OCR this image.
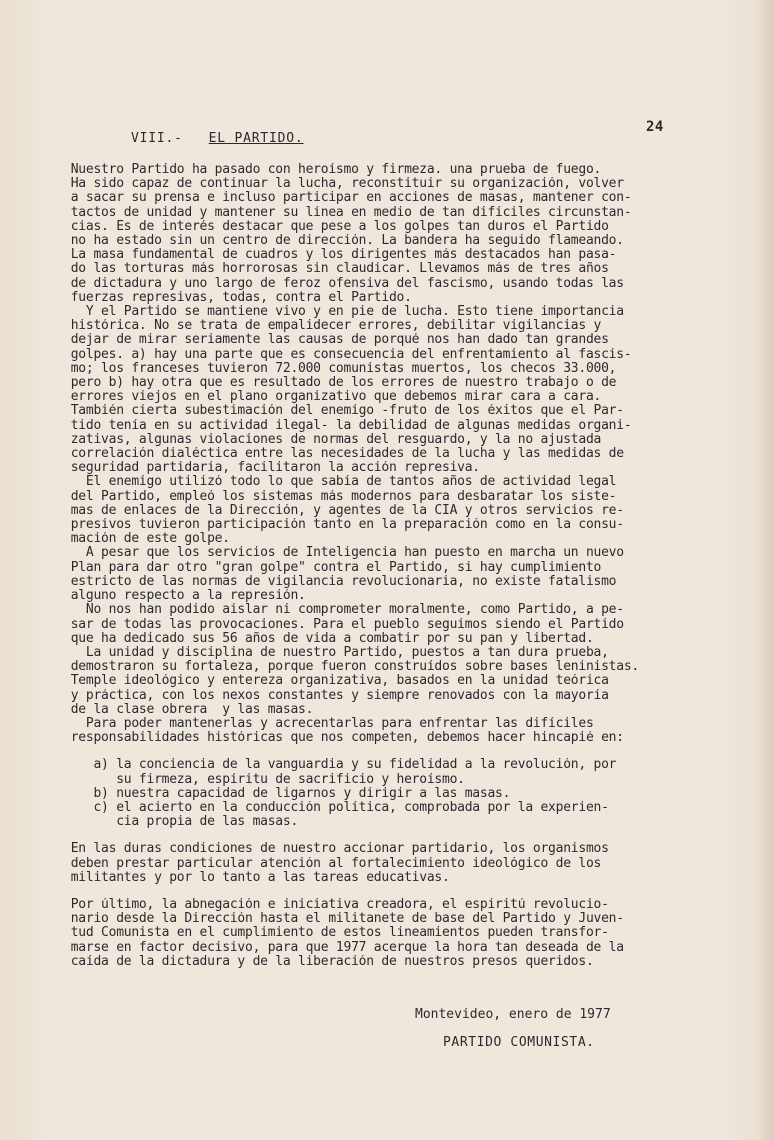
24
VIII.- EL PARTIDO.

Nuestro Partido ha pasado con heroísmo y firmeza. una prueba de fuego.

Ha sido capaz de continuar la lucha, reconstituir su organización, volver

a sacar su prensa e incluso participar en acciones de masas, mantener con-

tactos de unidad y mantener su línea en medio de tan difíciles circunstan-

cias. Es de interés destacar que pese a los golpes tan duros el Partido

no ha estado sin un centro de dirección. La bandera ha seguido flameando.

La masa fundamental de cuadros y los dirigentes más destacados han pasa-

do las torturas más horrorosas sin claudicar. Llevamos más de tres años

de dictadura y uno largo de feroz ofensiva del fascismo, usando todas las

fuerzas represivas, todas, contra el Partido.

Y el Partido se mantiene vivo y en pie de lucha. Esto tiene importancia

histórica. No se trata de empalidecer errores, debilitar vigilancias y

dejar de mirar seriamente las causas de porqué nos han dado tan grandes

golpes. a) hay una parte que es consecuencia del enfrentamiento al fascis-

mo; los franceses tuvieron 72.000 comunistas muertos, los checos 33.000,

pero b) hay otra que es resultado de los errores de nuestro trabajo o de

errores viejos en el plano organizativo que debemos mirar cara a cara.

También cierta subestimación del enemigo -fruto de los éxitos que el Par-

tido tenía en su actividad ilegal- la debilidad de algunas medidas organi-

zativas, algunas violaciones de normas del resguardo, y la no ajustada

correlación dialéctica entre las necesidades de la lucha y las medidas de

seguridad partidaria, facilitaron la acción represiva.

El enemigo utilizó todo lo que sabía de tantos años de actividad legal

del Partido, empleó los sistemas más modernos para desbaratar los siste-

mas de enlaces de la Dirección, y agentes de la CIA y otros servicios re-

presivos tuvieron participación tanto en la preparación como en la consu-

mación de este golpe.

A pesar que los servicios de Inteligencia han puesto en marcha un nuevo

Plan para dar otro "gran golpe" contra el Partido, si hay cumplimiento

estricto de las normas de vigilancia revolucionaria, no existe fatalismo

alguno respecto a la represión.

No nos han podido aislar ni comprometer moralmente, como Partido, a pe-

sar de todas las provocaciones. Para el pueblo seguimos siendo el Partido

que ha dedicado sus 56 años de vida a combatir por su pan y libertad.

La unidad y disciplina de nuestro Partido, puestos a tan dura prueba,

demostraron su fortaleza, porque fueron construídos sobre bases leninistas.

Temple ideológico y entereza organizativa, basados en la unidad teórica

y práctica, con los nexos constantes y siempre renovados con la mayoría

de la clase obrera  y las masas.

Para poder mantenerlas y acrecentarlas para enfrentar las difíciles

responsabilidades históricas que nos competen, debemos hacer hincapié en:

a) la conciencia de la vanguardia y su fidelidad a la revolución, por

su firmeza, espíritu de sacrificio y heroísmo.

b) nuestra capacidad de ligarnos y dirigir a las masas.

c) el acierto en la conducción política, comprobada por la experien-

cia propia de las masas.

En las duras condiciones de nuestro accionar partidario, los organismos

deben prestar particular atención al fortalecimiento ideológico de los

militantes y por lo tanto a las tareas educativas.

Por último, la abnegación e iniciativa creadora, el espiritú revolucio-

nario desde la Dirección hasta el militanete de base del Partido y Juven-

tud Comunista en el cumplimiento de estos lineamientos pueden transfor-

marse en factor decisivo, para que 1977 acerque la hora tan deseada de la

caída de la dictadura y de la liberación de nuestros presos queridos.

Montevideo, enero de 1977
PARTIDO COMUNISTA.
